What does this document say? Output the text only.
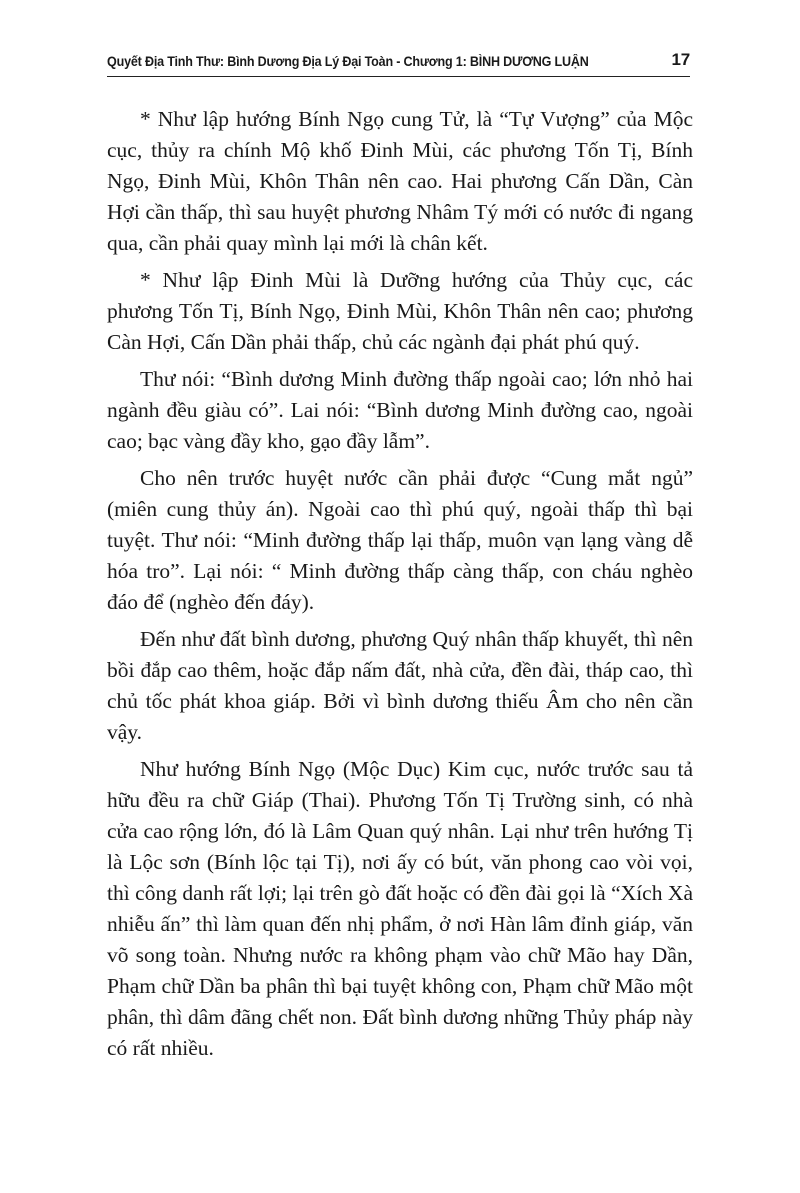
Quyết Địa Tinh Thư: Bình Dương Địa Lý Đại Toàn - Chương 1: BÌNH DƯƠNG LUẬN	17

* Như lập hướng Bính Ngọ cung Tử, là “Tự Vượng” của Mộc cục, thủy ra chính Mộ khố Đinh Mùi, các phương Tốn Tị, Bính Ngọ, Đinh Mùi, Khôn Thân nên cao. Hai phương Cấn Dần, Càn Hợi cần thấp, thì sau huyệt phương Nhâm Tý mới có nước đi ngang qua, cần phải quay mình lại mới là chân kết.

* Như lập Đinh Mùi là Dưỡng hướng của Thủy cục, các phương Tốn Tị, Bính Ngọ, Đinh Mùi, Khôn Thân nên cao; phương Càn Hợi, Cấn Dần phải thấp, chủ các ngành đại phát phú quý.

Thư nói: “Bình dương Minh đường thấp ngoài cao; lớn nhỏ hai ngành đều giàu có”. Lai nói: “Bình dương Minh đường cao, ngoài cao; bạc vàng đầy kho, gạo đầy lẫm”.

Cho nên trước huyệt nước cần phải được “Cung mắt ngủ” (miên cung thủy án). Ngoài cao thì phú quý, ngoài thấp thì bại tuyệt. Thư nói: “Minh đường thấp lại thấp, muôn vạn lạng vàng dễ hóa tro”. Lại nói: “ Minh đường thấp càng thấp, con cháu nghèo đáo để (nghèo đến đáy).

Đến như đất bình dương, phương Quý nhân thấp khuyết, thì nên bồi đắp cao thêm, hoặc đắp nấm đất, nhà cửa, đền đài, tháp cao, thì chủ tốc phát khoa giáp. Bởi vì bình dương thiếu Âm cho nên cần vậy.

Như hướng Bính Ngọ (Mộc Dục) Kim cục, nước trước sau tả hữu đều ra chữ Giáp (Thai). Phương Tốn Tị Trường sinh, có nhà cửa cao rộng lớn, đó là Lâm Quan quý nhân. Lại như trên hướng Tị là Lộc sơn (Bính lộc tại Tị), nơi ấy có bút, văn phong cao vòi vọi, thì công danh rất lợi; lại trên gò đất hoặc có đền đài gọi là “Xích Xà nhiễu ấn” thì làm quan đến nhị phẩm, ở nơi Hàn lâm đỉnh giáp, văn võ song toàn. Nhưng nước ra không phạm vào chữ Mão hay Dần, Phạm chữ Dần ba phân thì bại tuyệt không con, Phạm chữ Mão một phân, thì dâm đãng chết non. Đất bình dương những Thủy pháp này có rất nhiều.
